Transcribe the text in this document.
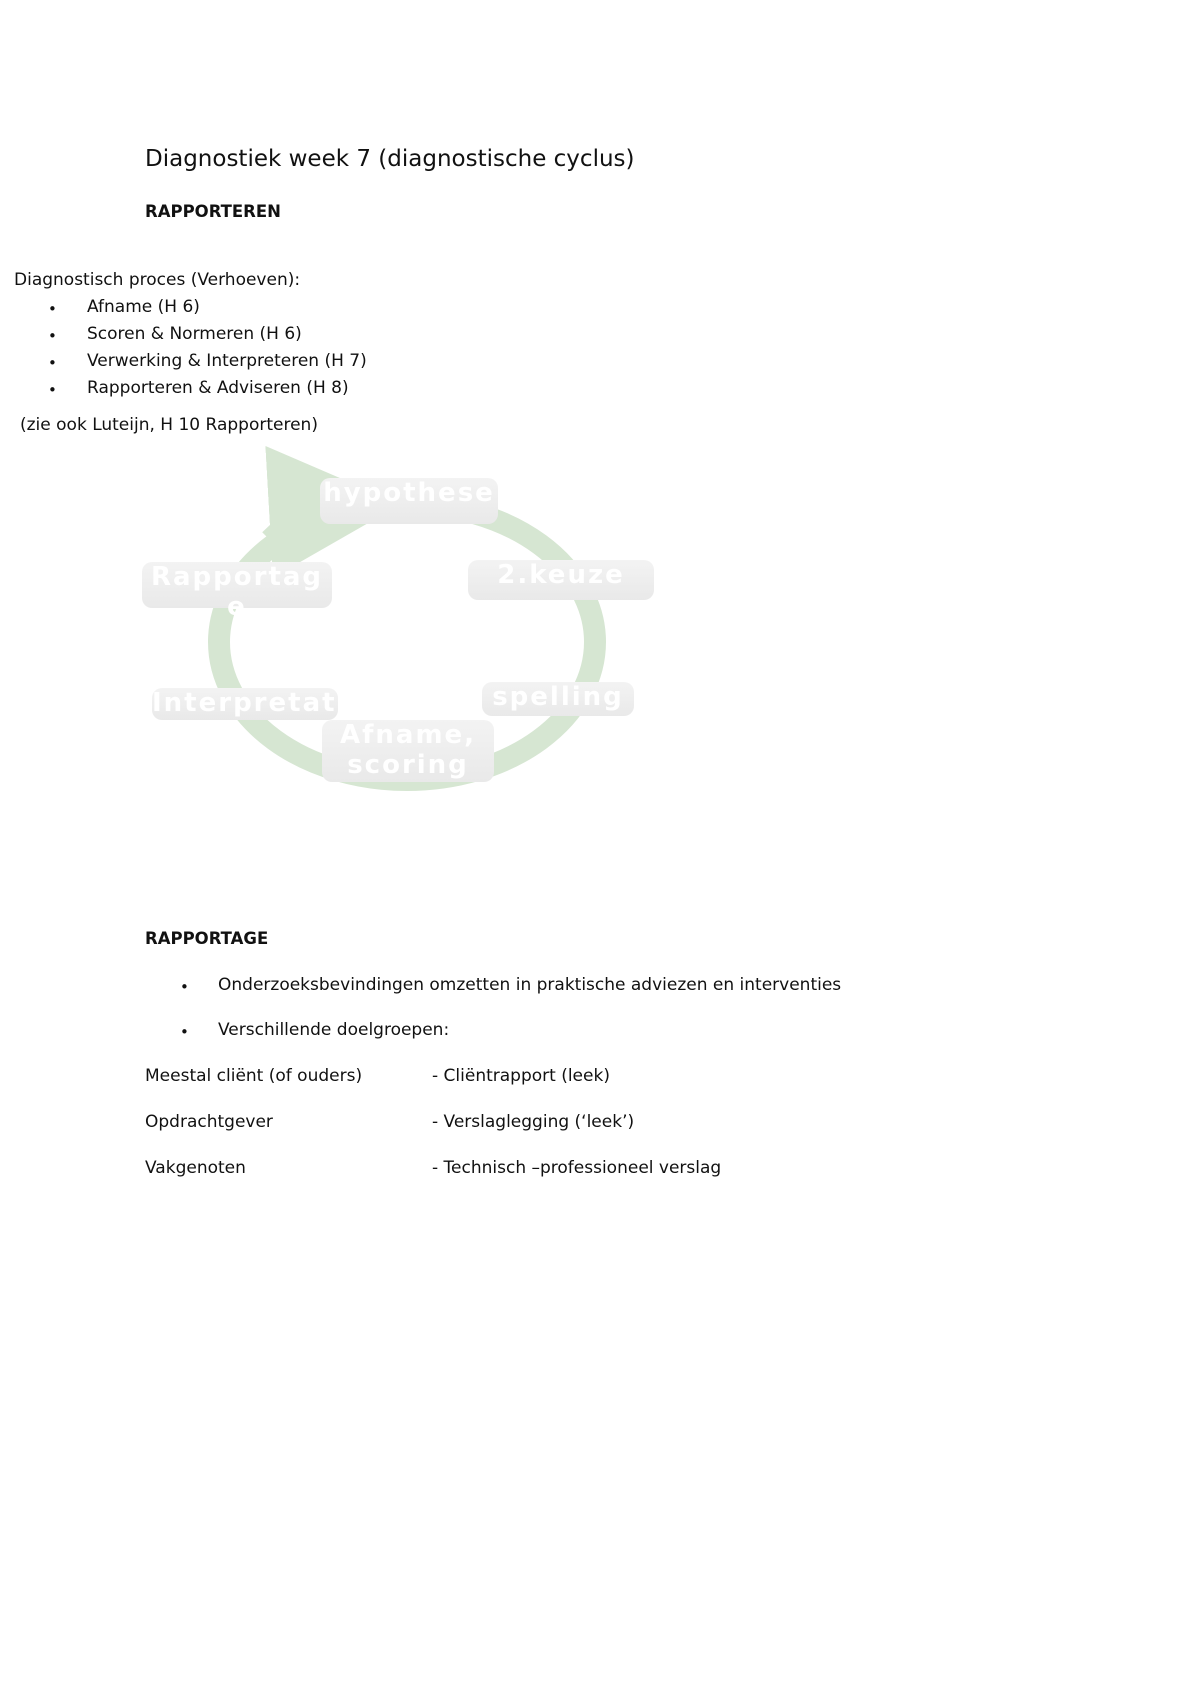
Diagnostiek week 7 (diagnostische cyclus)
RAPPORTEREN
Diagnostisch proces (Verhoeven):
• Afname (H 6)
• Scoren & Normeren (H 6)
• Verwerking & Interpreteren (H 7)
• Rapporteren & Adviseren (H 8)
(zie ook Luteijn, H 10 Rapporteren)
hypothese
2.keuze
spelling
Afname, scoring
Interpretatie
Rapportag e
RAPPORTAGE
• Onderzoeksbevindingen omzetten in praktische adviezen en interventies
• Verschillende doelgroepen:
Meestal cliënt (of ouders)	- Cliëntrapport (leek)
Opdrachtgever	- Verslaglegging (‘leek’)
Vakgenoten	- Technisch –professioneel verslag
